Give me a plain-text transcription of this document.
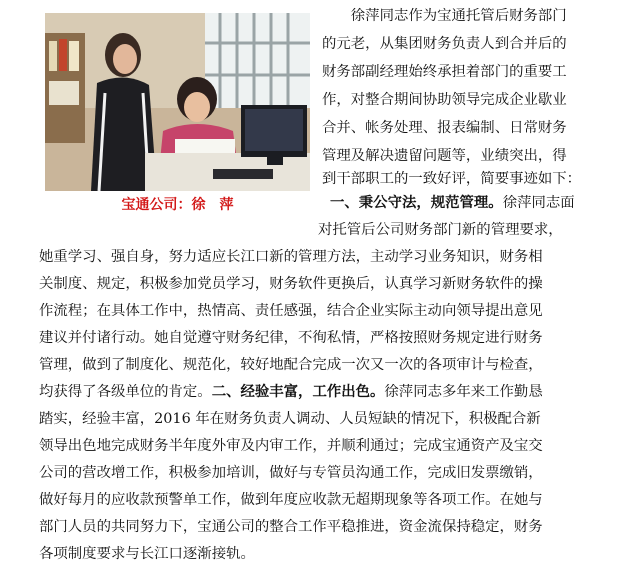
宝通公司：徐　萍
　　徐萍同志作为宝通托管后财务部门
的元老，从集团财务负责人到合并后的
财务部副经理始终承担着部门的重要工
作，对整合期间协助领导完成企业歇业
合并、帐务处理、报表编制、日常财务
管理及解决遗留问题等，业绩突出，得
到干部职工的一致好评，简要事迹如下：
一、秉公守法，规范管理。徐萍同志面
对托管后公司财务部门新的管理要求，
她重学习、强自身，努力适应长江口新的管理方法，主动学习业务知识，财务相
关制度、规定，积极参加党员学习，财务软件更换后，认真学习新财务软件的操
作流程；在具体工作中，热情高、责任感强，结合企业实际主动向领导提出意见
建议并付诸行动。她自觉遵守财务纪律，不徇私情，严格按照财务规定进行财务
管理，做到了制度化、规范化，较好地配合完成一次又一次的各项审计与检查，
均获得了各级单位的肯定。二、经验丰富，工作出色。徐萍同志多年来工作勤恳
踏实，经验丰富，2016 年在财务负责人调动、人员短缺的情况下，积极配合新
领导出色地完成财务半年度外审及内审工作，并顺利通过；完成宝通资产及宝交
公司的营改增工作，积极参加培训，做好与专管员沟通工作，完成旧发票缴销，
做好每月的应收款预警单工作，做到年度应收款无超期现象等各项工作。在她与
部门人员的共同努力下，宝通公司的整合工作平稳推进，资金流保持稳定，财务
各项制度要求与长江口逐渐接轨。
